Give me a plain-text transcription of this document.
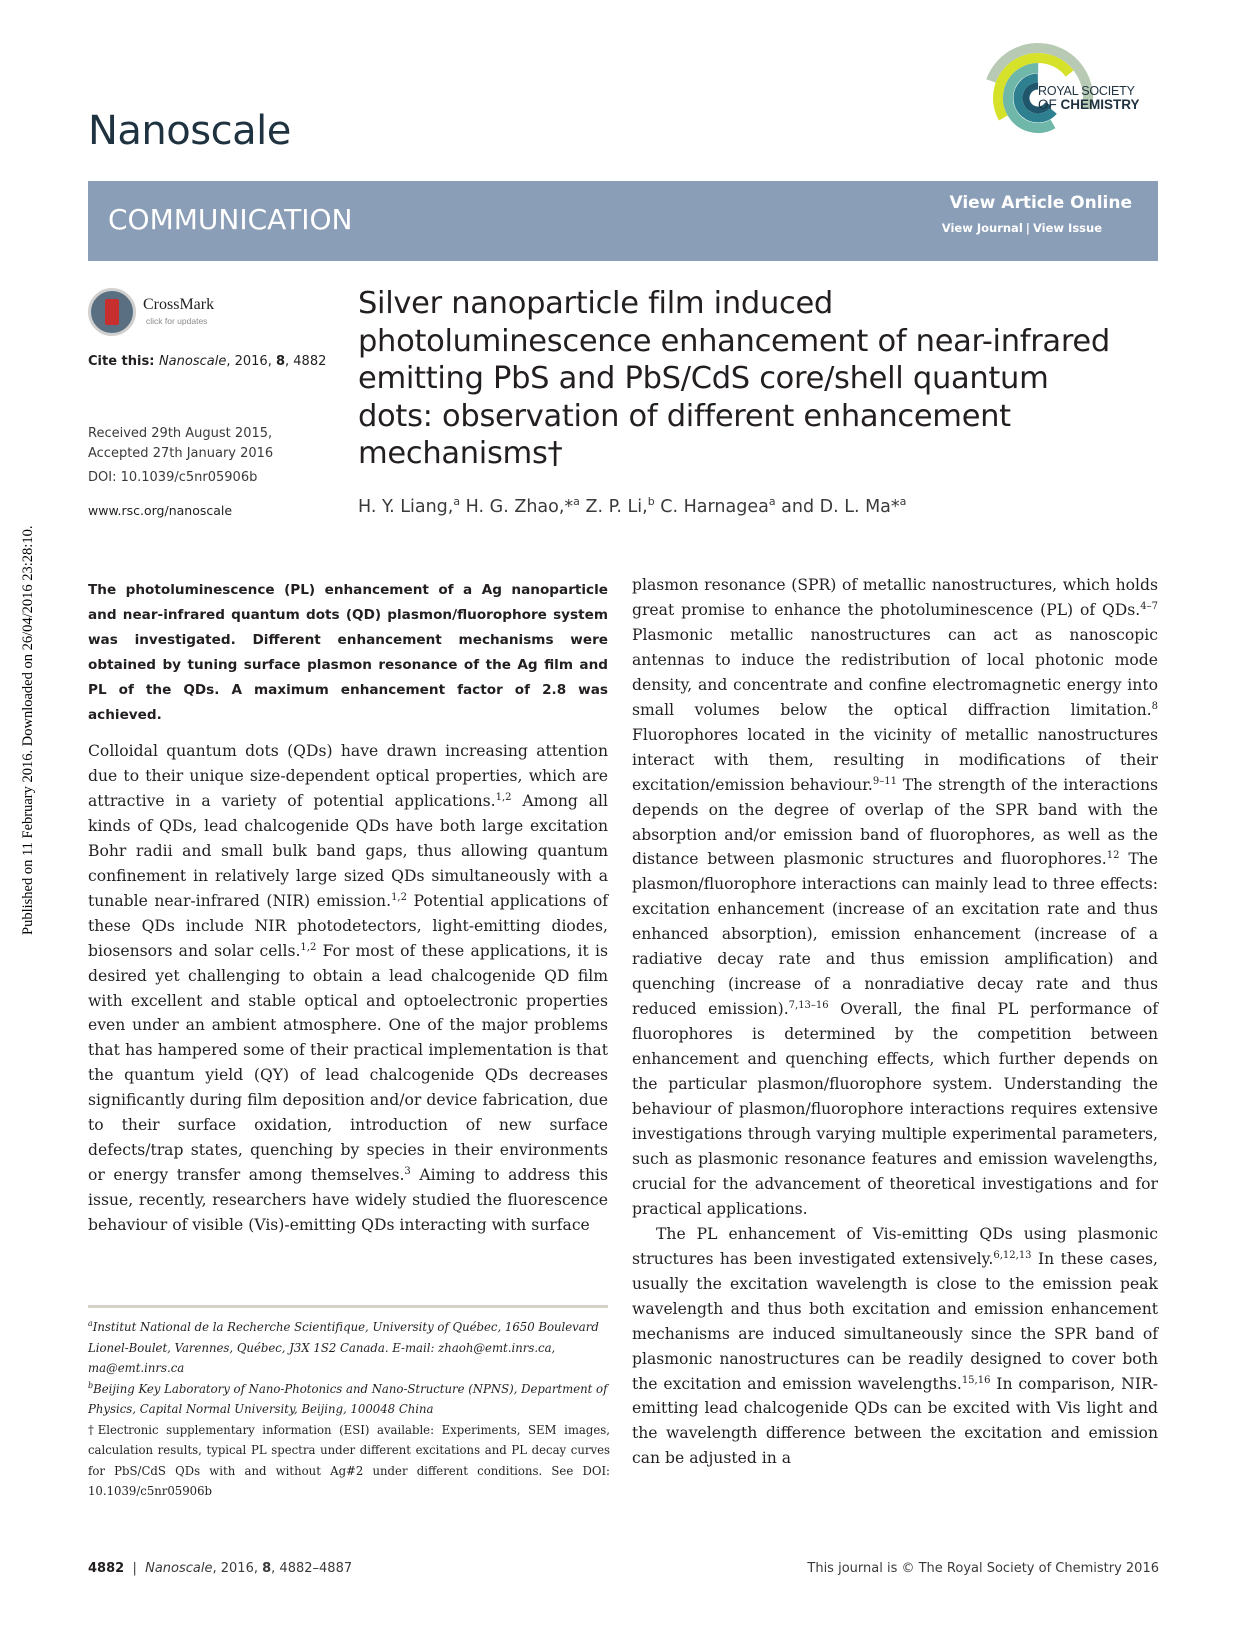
Published on 11 February 2016. Downloaded on 26/04/2016 23:28:10.
Nanoscale
ROYAL SOCIETY
OF CHEMISTRY
COMMUNICATION	View Article Online
View Journal | View Issue
CrossMark
click for updates
Cite this: Nanoscale, 2016, 8, 4882
Received 29th August 2015,
Accepted 27th January 2016
DOI: 10.1039/c5nr05906b
www.rsc.org/nanoscale
Silver nanoparticle film induced
photoluminescence enhancement of near-infrared
emitting PbS and PbS/CdS core/shell quantum
dots: observation of different enhancement
mechanisms†
H. Y. Liang,$^a$ H. G. Zhao,*$^a$ Z. P. Li,$^b$ C. Harnagea$^a$ and D. L. Ma*$^a$
The photoluminescence (PL) enhancement of a Ag nanoparticle and near-infrared quantum dots (QD) plasmon/fluorophore system was investigated. Different enhancement mechanisms were obtained by tuning surface plasmon resonance of the Ag film and PL of the QDs. A maximum enhancement factor of 2.8 was achieved.

Colloidal quantum dots (QDs) have drawn increasing attention due to their unique size-dependent optical properties, which are attractive in a variety of potential applications.$^{1,2}$ Among all kinds of QDs, lead chalcogenide QDs have both large excitation Bohr radii and small bulk band gaps, thus allowing quantum confinement in relatively large sized QDs simultaneously with a tunable near-infrared (NIR) emission.$^{1,2}$ Potential applications of these QDs include NIR photodetectors, light-emitting diodes, biosensors and solar cells.$^{1,2}$ For most of these applications, it is desired yet challenging to obtain a lead chalcogenide QD film with excellent and stable optical and optoelectronic properties even under an ambient atmosphere. One of the major problems that has hampered some of their practical implementation is that the quantum yield (QY) of lead chalcogenide QDs decreases significantly during film deposition and/or device fabrication, due to their surface oxidation, introduction of new surface defects/trap states, quenching by species in their environments or energy transfer among themselves.$^3$ Aiming to address this issue, recently, researchers have widely studied the fluorescence behaviour of visible (Vis)-emitting QDs interacting with surface

plasmon resonance (SPR) of metallic nanostructures, which holds great promise to enhance the photoluminescence (PL) of QDs.$^{4-7}$ Plasmonic metallic nanostructures can act as nanoscopic antennas to induce the redistribution of local photonic mode density, and concentrate and confine electromagnetic energy into small volumes below the optical diffraction limitation.$^8$ Fluorophores located in the vicinity of metallic nanostructures interact with them, resulting in modifications of their excitation/emission behaviour.$^{9-11}$ The strength of the interactions depends on the degree of overlap of the SPR band with the absorption and/or emission band of fluorophores, as well as the distance between plasmonic structures and fluorophores.$^{12}$ The plasmon/fluorophore interactions can mainly lead to three effects: excitation enhancement (increase of an excitation rate and thus enhanced absorption), emission enhancement (increase of a radiative decay rate and thus emission amplification) and quenching (increase of a nonradiative decay rate and thus reduced emission).$^{7,13-16}$ Overall, the final PL performance of fluorophores is determined by the competition between enhancement and quenching effects, which further depends on the particular plasmon/fluorophore system. Understanding the behaviour of plasmon/fluorophore interactions requires extensive investigations through varying multiple experimental parameters, such as plasmonic resonance features and emission wavelengths, crucial for the advancement of theoretical investigations and for practical applications.

The PL enhancement of Vis-emitting QDs using plasmonic structures has been investigated extensively.$^{6,12,13}$ In these cases, usually the excitation wavelength is close to the emission peak wavelength and thus both excitation and emission enhancement mechanisms are induced simultaneously since the SPR band of plasmonic nanostructures can be readily designed to cover both the excitation and emission wavelengths.$^{15,16}$ In comparison, NIR-emitting lead chalcogenide QDs can be excited with Vis light and the wavelength difference between the excitation and emission can be adjusted in a

$^a$Institut National de la Recherche Scientifique, University of Québec, 1650 Boulevard Lionel-Boulet, Varennes, Québec, J3X 1S2 Canada. E-mail: zhaoh@emt.inrs.ca, ma@emt.inrs.ca
$^b$Beijing Key Laboratory of Nano-Photonics and Nano-Structure (NPNS), Department of Physics, Capital Normal University, Beijing, 100048 China
†Electronic supplementary information (ESI) available: Experiments, SEM images, calculation results, typical PL spectra under different excitations and PL decay curves for PbS/CdS QDs with and without Ag#2 under different conditions. See DOI: 10.1039/c5nr05906b
4882  |  Nanoscale, 2016, 8, 4882–4887	This journal is © The Royal Society of Chemistry 2016
